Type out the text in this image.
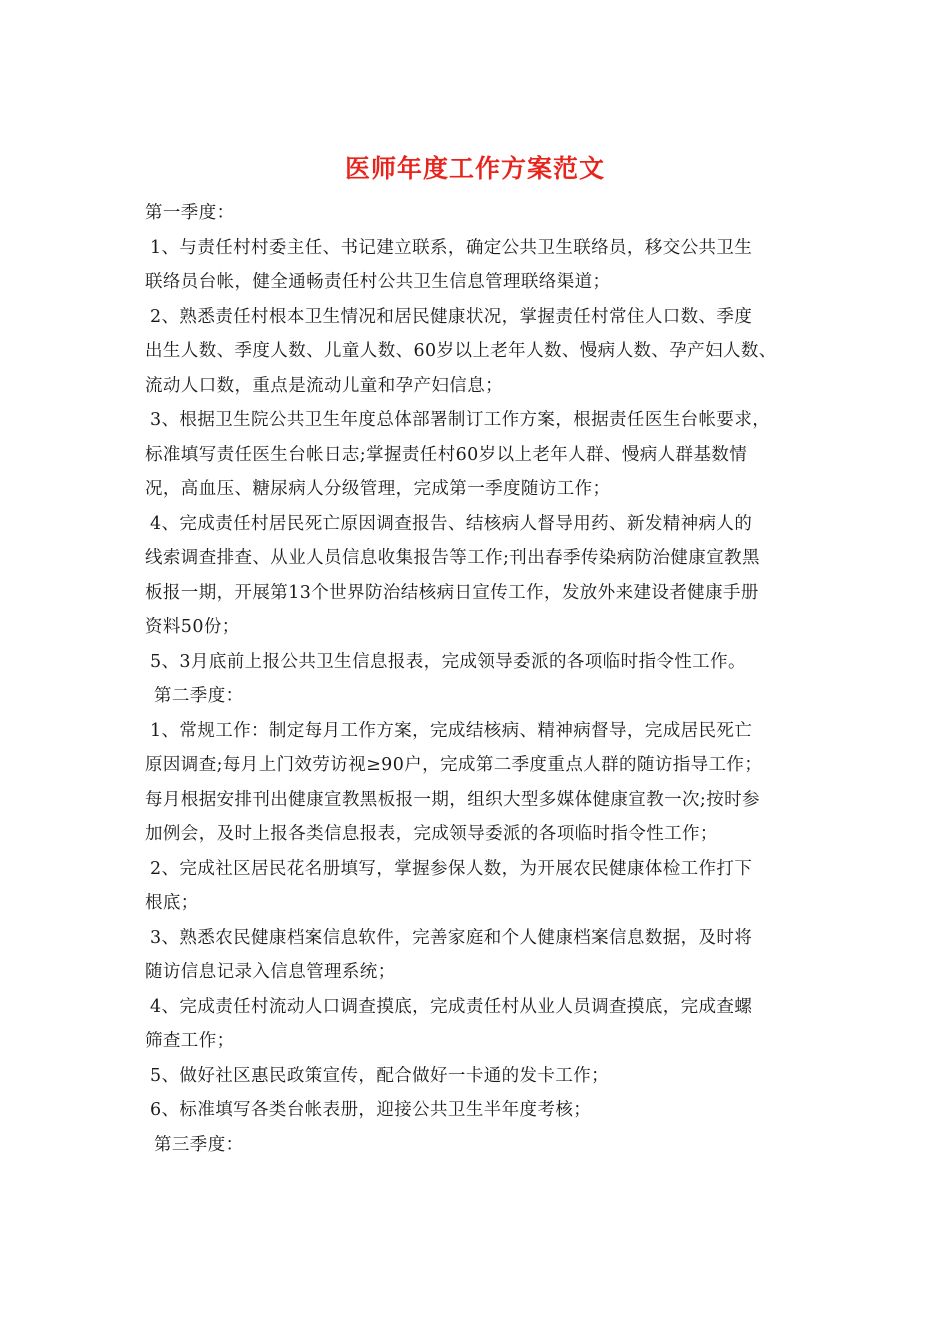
医师年度工作方案范文

第一季度：

1、与责任村村委主任、书记建立联系，确定公共卫生联络员，移交公共卫生

联络员台帐，健全通畅责任村公共卫生信息管理联络渠道；

2、熟悉责任村根本卫生情况和居民健康状况，掌握责任村常住人口数、季度

出生人数、季度人数、儿童人数、60岁以上老年人数、慢病人数、孕产妇人数、

流动人口数，重点是流动儿童和孕产妇信息；

3、根据卫生院公共卫生年度总体部署制订工作方案，根据责任医生台帐要求，

标准填写责任医生台帐日志;掌握责任村60岁以上老年人群、慢病人群基数情

况，高血压、糖尿病人分级管理，完成第一季度随访工作；

4、完成责任村居民死亡原因调查报告、结核病人督导用药、新发精神病人的

线索调查排查、从业人员信息收集报告等工作;刊出春季传染病防治健康宣教黑

板报一期，开展第13个世界防治结核病日宣传工作，发放外来建设者健康手册

资料50份；

5、3月底前上报公共卫生信息报表，完成领导委派的各项临时指令性工作。

第二季度：

1、常规工作：制定每月工作方案，完成结核病、精神病督导，完成居民死亡

原因调查;每月上门效劳访视≥90户，完成第二季度重点人群的随访指导工作；

每月根据安排刊出健康宣教黑板报一期，组织大型多媒体健康宣教一次;按时参

加例会，及时上报各类信息报表，完成领导委派的各项临时指令性工作；

2、完成社区居民花名册填写，掌握参保人数，为开展农民健康体检工作打下

根底；

3、熟悉农民健康档案信息软件，完善家庭和个人健康档案信息数据，及时将

随访信息记录入信息管理系统；

4、完成责任村流动人口调查摸底，完成责任村从业人员调查摸底，完成查螺

筛查工作；

5、做好社区惠民政策宣传，配合做好一卡通的发卡工作；

6、标准填写各类台帐表册，迎接公共卫生半年度考核；

第三季度：
